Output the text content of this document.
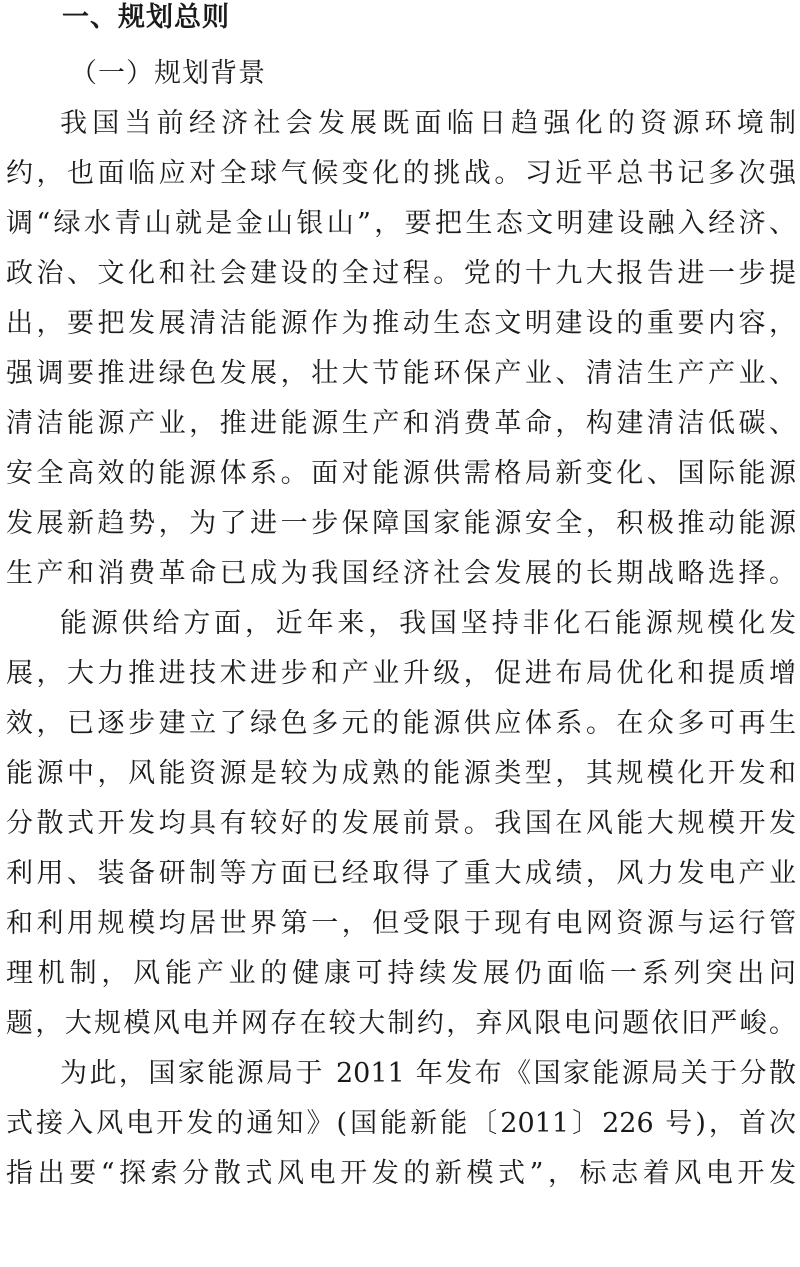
一、规划总则
（一）规划背景
我国当前经济社会发展既面临日趋强化的资源环境制
约，也面临应对全球气候变化的挑战。习近平总书记多次强
调“绿水青山就是金山银山”，要把生态文明建设融入经济、
政治、文化和社会建设的全过程。党的十九大报告进一步提
出，要把发展清洁能源作为推动生态文明建设的重要内容，
强调要推进绿色发展，壮大节能环保产业、清洁生产产业、
清洁能源产业，推进能源生产和消费革命，构建清洁低碳、
安全高效的能源体系。面对能源供需格局新变化、国际能源
发展新趋势，为了进一步保障国家能源安全，积极推动能源
生产和消费革命已成为我国经济社会发展的长期战略选择。
能源供给方面，近年来，我国坚持非化石能源规模化发
展，大力推进技术进步和产业升级，促进布局优化和提质增
效，已逐步建立了绿色多元的能源供应体系。在众多可再生
能源中，风能资源是较为成熟的能源类型，其规模化开发和
分散式开发均具有较好的发展前景。我国在风能大规模开发
利用、装备研制等方面已经取得了重大成绩，风力发电产业
和利用规模均居世界第一，但受限于现有电网资源与运行管
理机制，风能产业的健康可持续发展仍面临一系列突出问
题，大规模风电并网存在较大制约，弃风限电问题依旧严峻。
为此，国家能源局于 2011 年发布《国家能源局关于分散
式接入风电开发的通知》(国能新能〔2011〕226 号)，首次
指出要“探索分散式风电开发的新模式”，标志着风电开发
